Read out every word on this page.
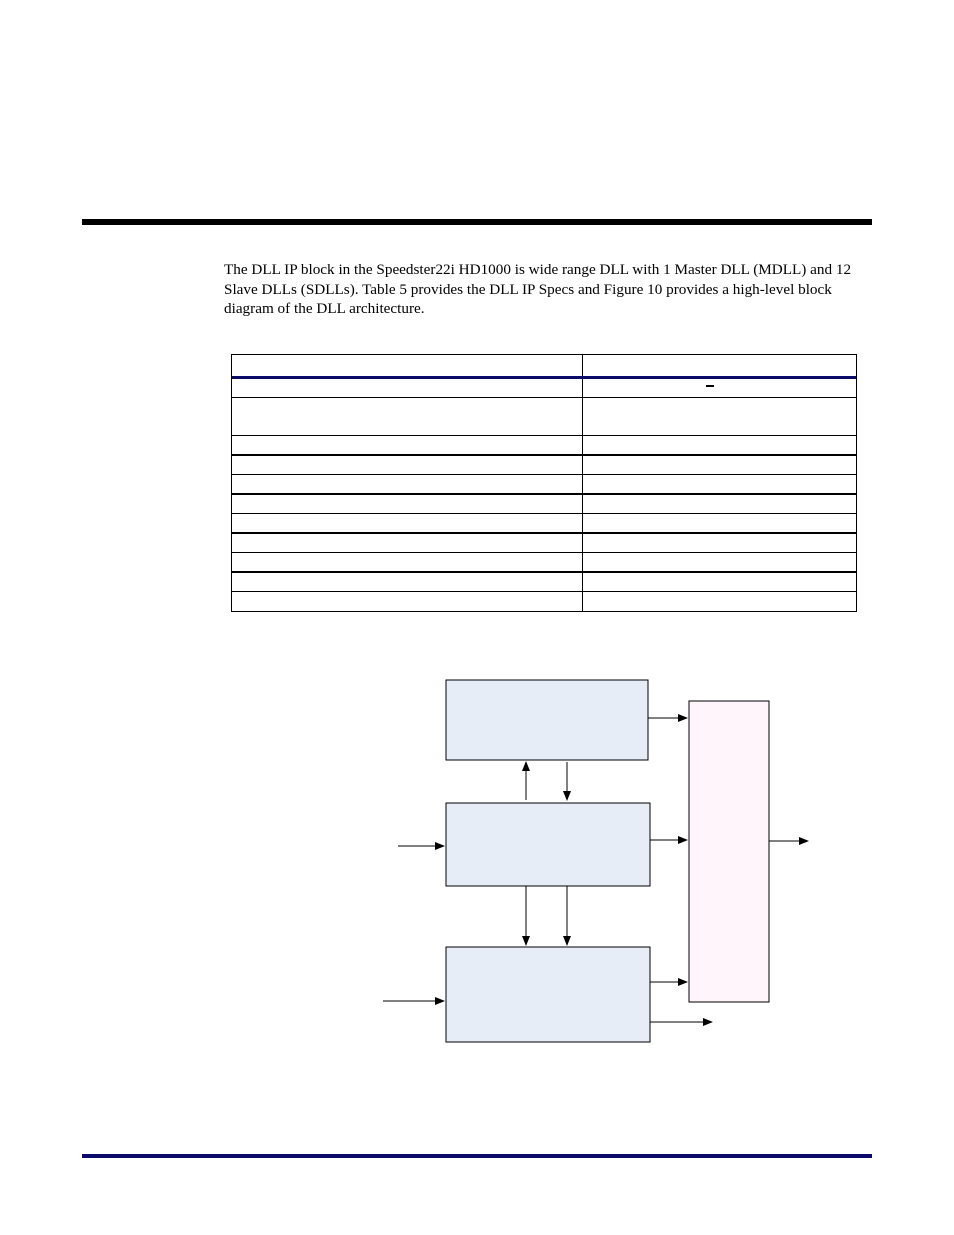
The DLL IP block in the Speedster22i HD1000 is wide range DLL with 1 Master DLL (MDLL) and 12 Slave DLLs (SDLLs). Table 5 provides the DLL IP Specs and Figure 10 provides a high-level block diagram of the DLL architecture.
